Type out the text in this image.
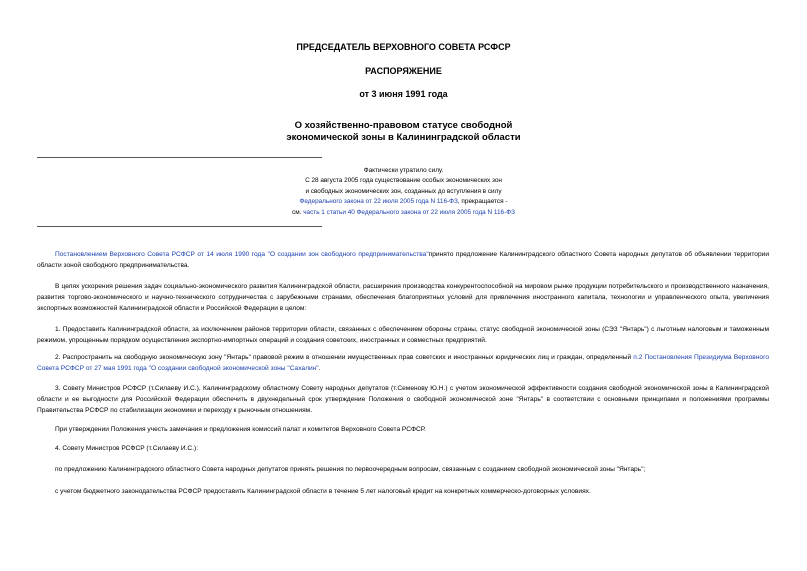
ПРЕДСЕДАТЕЛЬ ВЕРХОВНОГО СОВЕТА РСФСР
РАСПОРЯЖЕНИЕ
от 3 июня 1991 года
О хозяйственно-правовом статусе свободной
экономической зоны в Калининградской области
Фактически утратило силу.
С 28 августа 2005 года существование особых экономических зон
и свободных экономических зон, созданных до вступления в силу
Федерального закона от 22 июля 2005 года N 116-ФЗ, прекращается -
см. часть 1 статьи 40 Федерального закона от 22 июля 2005 года N 116-ФЗ

Постановлением Верховного Совета РСФСР от 14 июля 1990 года "О создании зон свободного предпринимательства"принято предложение Калининградского областного Совета народных депутатов об объявлении территории области зоной свободного предпринимательства.

В целях ускорения решения задач социально-экономического развития Калининградской области, расширения производства конкурентоспособной на мировом рынке продукции потребительского и производственного назначения, развития торгово-экономического и научно-технического сотрудничества с зарубежными странами, обеспечения благоприятных условий для привлечения иностранного капитала, технологии и управленческого опыта, увеличения экспортных возможностей Калининградской области и Российской Федерации в целом:

1. Предоставить Калининградской области, за исключением районов территории области, связанных с обеспечением обороны страны, статус свободной экономической зоны (СЭЗ "Янтарь") с льготным налоговым и таможенным режимом, упрощенным порядком осуществления экспортно-импортных операций и создания советских, иностранных и совместных предприятий.

2. Распространить на свободную экономическую зону "Янтарь" правовой режим в отношении имущественных прав советских и иностранных юридических лиц и граждан, определенный п.2 Постановления Президиума Верховного Совета РСФСР от 27 мая 1991 года "О создании свободной экономической зоны "Сахалин".

3. Совету Министров РСФСР (т.Силаеву И.С.), Калининградскому областному Совету народных депутатов (т.Семенову Ю.Н.) с учетом экономической эффективности создания свободной экономической зоны в Калининградской области и ее выгодности для Российской Федерации обеспечить в двухнедельный срок утверждение Положения о свободной экономической зоне "Янтарь" в соответствии с основными принципами и положениями программы Правительства РСФСР по стабилизации экономики и переходу к рыночным отношениям.

При утверждении Положения учесть замечания и предложения комиссий палат и комитетов Верховного Совета РСФСР.

4. Совету Министров РСФСР (т.Силаеву И.С.):

по предложению Калининградского областного Совета народных депутатов принять решения по первоочередным вопросам, связанным с созданием свободной экономической зоны "Янтарь";

с учетом бюджетного законодательства РСФСР предоставить Калининградской области в течение 5 лет налоговый кредит на конкретных коммерческо-договорных условиях.
